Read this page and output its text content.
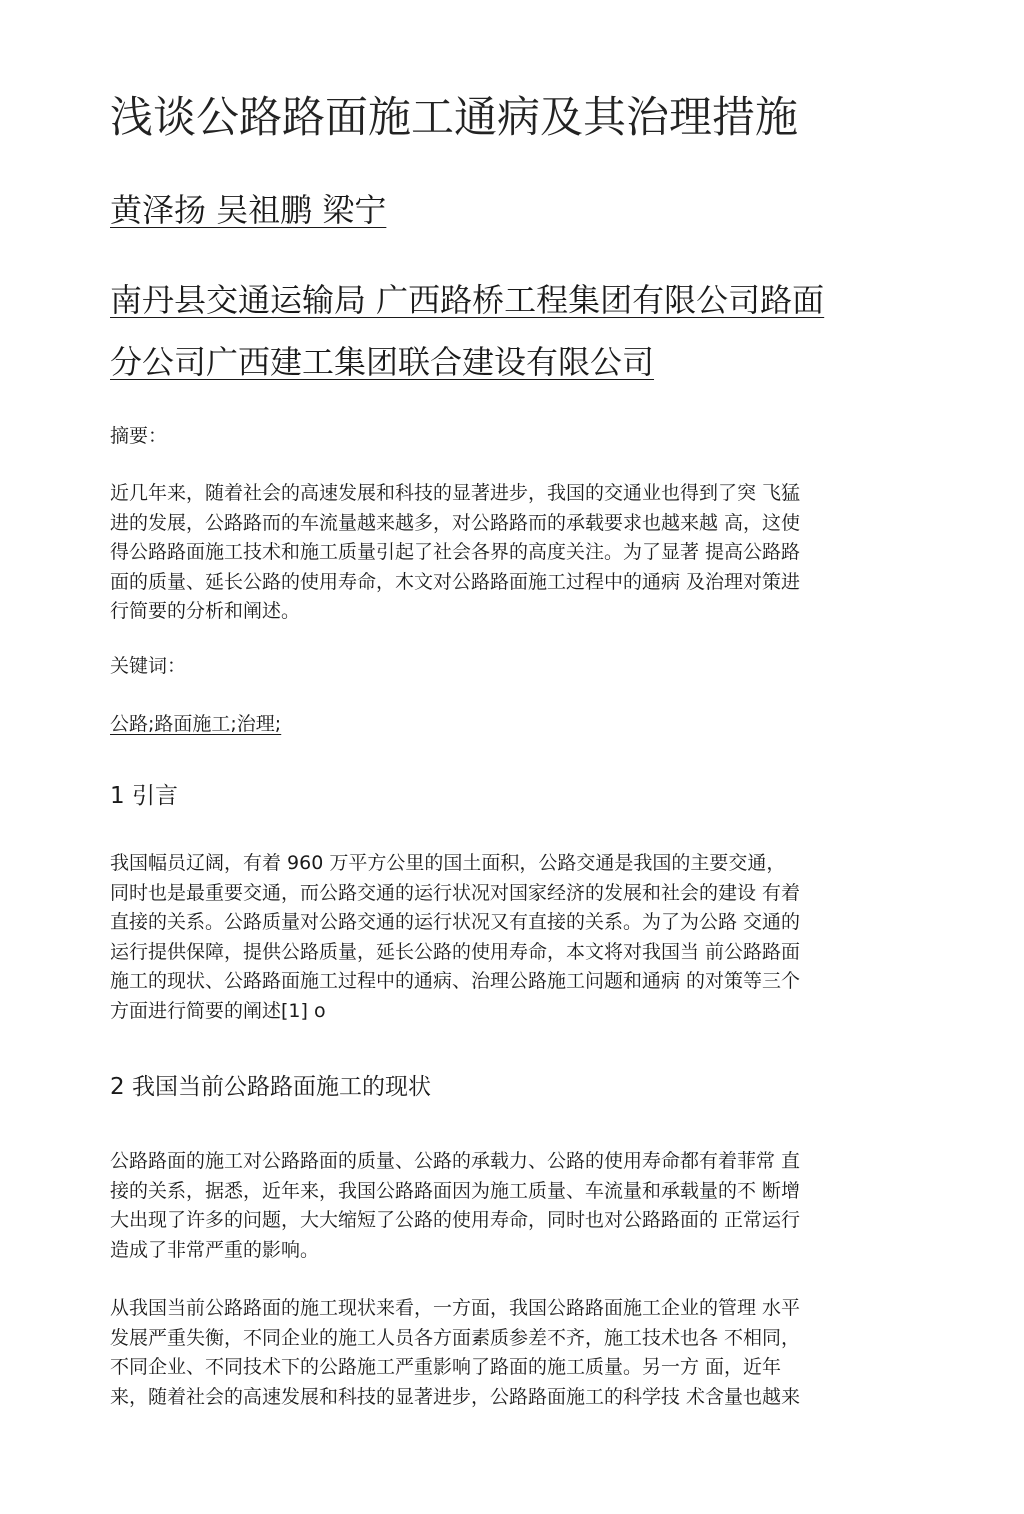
浅谈公路路面施工通病及其治理措施
黄泽扬 吴祖鹏 梁宁
南丹县交通运输局 广西路桥工程集团有限公司路面
分公司广西建工集团联合建设有限公司

摘要：

近几年来，随着社会的高速发展和科技的显著进步，我国的交通业也得到了突 飞猛
进的发展，公路路而的车流量越来越多，对公路路而的承载要求也越来越 高，这使
得公路路面施工技术和施工质量引起了社会各界的高度关注。为了显著 提高公路路
面的质量、延长公路的使用寿命，木文对公路路面施工过程中的通病 及治理对策进
行简要的分析和阐述。

关键词：

公路;路面施工;治理;

1 引言

我国幅员辽阔，有着 960 万平方公里的国土面积，公路交通是我国的主要交通，
同时也是最重要交通，而公路交通的运行状况对国家经济的发展和社会的建设 有着
直接的关系。公路质量对公路交通的运行状况又有直接的关系。为了为公路 交通的
运行提供保障，提供公路质量，延长公路的使用寿命，本文将对我国当 前公路路面
施工的现状、公路路面施工过程中的通病、治理公路施工问题和通病 的对策等三个
方面进行简要的阐述[1] o

2 我国当前公路路面施工的现状

公路路面的施工对公路路面的质量、公路的承载力、公路的使用寿命都有着菲常 直
接的关系，据悉，近年来，我国公路路面因为施工质量、车流量和承载量的不 断增
大出现了许多的问题，大大缩短了公路的使用寿命，同时也对公路路面的 正常运行
造成了非常严重的影响。

从我国当前公路路面的施工现状来看，一方面，我国公路路面施工企业的管理 水平
发展严重失衡，不同企业的施工人员各方面素质参差不齐，施工技术也各 不相同，
不同企业、不同技术下的公路施工严重影响了路面的施工质量。另一方 面，近年
来，随着社会的高速发展和科技的显著进步，公路路面施工的科学技 术含量也越来
